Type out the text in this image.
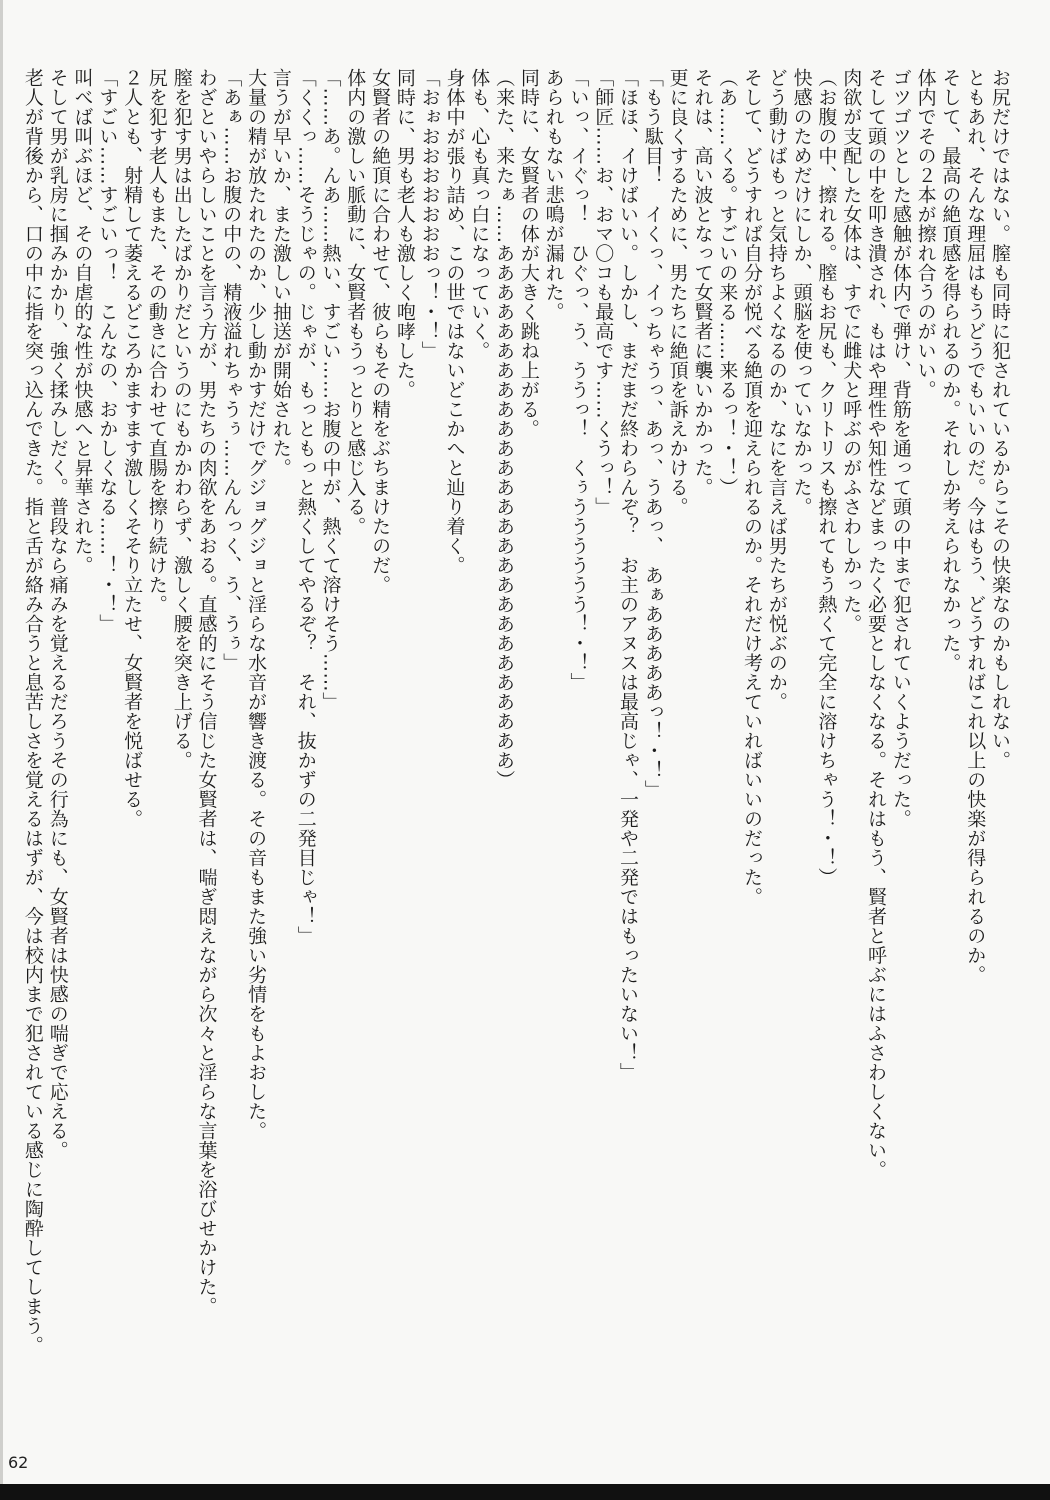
お尻だけではない。膣も同時に犯されているからこその快楽なのかもしれない。
ともあれ、そんな理屈はもうどうでもいいのだ。今はもう、どうすればこれ以上の快楽が得られるのか。
そして、最高の絶頂感を得られるのか。それしか考えられなかった。
体内でその２本が擦れ合うのがいい。
ゴツゴツとした感触が体内で弾け、背筋を通って頭の中まで犯されていくようだった。
そして頭の中を叩き潰され、もはや理性や知性などまったく必要としなくなる。それはもう、賢者と呼ぶにはふさわしくない。
肉欲が支配した女体は、すでに雌犬と呼ぶのがふさわしかった。
（お腹の中、擦れる。膣もお尻も、クリトリスも擦れてもう熱くて完全に溶けちゃう！・！）
快感のためだけにしか、頭脳を使っていなかった。
どう動けばもっと気持ちよくなるのか、なにを言えば男たちが悦ぶのか。
そして、どうすれば自分が悦べる絶頂を迎えられるのか。それだけ考えていればいいのだった。
（あ……くる。すごいの来る……来るっ！・！）
それは、高い波となって女賢者に襲いかかった。
更に良くするために、男たちに絶頂を訴えかける。
「もう駄目！　イくっ、イっちゃうっ、あっ、うあっ、　あぁあああああっ！・！」
「ほほ、イけばいい。しかし、まだまだ終わらんぞ？　お主のアヌスは最高じゃ、一発や二発ではもったいない！」
「師匠……お、おマ〇コも最高です……くうっ！」
「いっ、イぐっ！　ひぐっ、う、ううっ！　くぅうううううう！・！」
あられもない悲鳴が漏れた。
同時に、女賢者の体が大きく跳ね上がる。
（来た、来たぁ……あああああああああああああああああああああああああああ）
体も、心も真っ白になっていく。
身体中が張り詰め、この世ではないどこかへと辿り着く。
「おぉおおおおおおおっ！・！」
同時に、男も老人も激しく咆哮した。
女賢者の絶頂に合わせて、彼らもその精をぶちまけたのだ。
体内の激しい脈動に、女賢者もうっとりと感じ入る。
「……あ。んあ……熱い、すごい……お腹の中が、熱くて溶けそう……」
「くくっ……そうじゃの。じゃが、もっともっと熱くしてやるぞ？　それ、抜かずの二発目じゃ！」
言うが早いか、また激しい抽送が開始された。
大量の精が放たれたのか、少し動かすだけでグジョグジョと淫らな水音が響き渡る。その音もまた強い劣情をもよおした。
「あぁ……お腹の中の、精液溢れちゃうぅ……んんっく、う、うぅ」
わざといやらしいことを言う方が、男たちの肉欲をあおる。直感的にそう信じた女賢者は、喘ぎ悶えながら次々と淫らな言葉を浴びせかけた。
膣を犯す男は出したばかりだというのにもかかわらず、激しく腰を突き上げる。
尻を犯す老人もまた、その動きに合わせて直腸を擦り続けた。
２人とも、射精して萎えるどころかますます激しくそそり立たせ、女賢者を悦ばせる。
「すごい……すごいっ！　こんなの、おかしくなる……！・！」
叫べば叫ぶほど、その自虐的な性が快感へと昇華された。
そして男が乳房に掴みかかり、強く揉みしだく。普段なら痛みを覚えるだろうその行為にも、女賢者は快感の喘ぎで応える。
老人が背後から、口の中に指を突っ込んできた。指と舌が絡み合うと息苦しさを覚えるはずが、今は校内まで犯されている感じに陶酔してしまう。
62
